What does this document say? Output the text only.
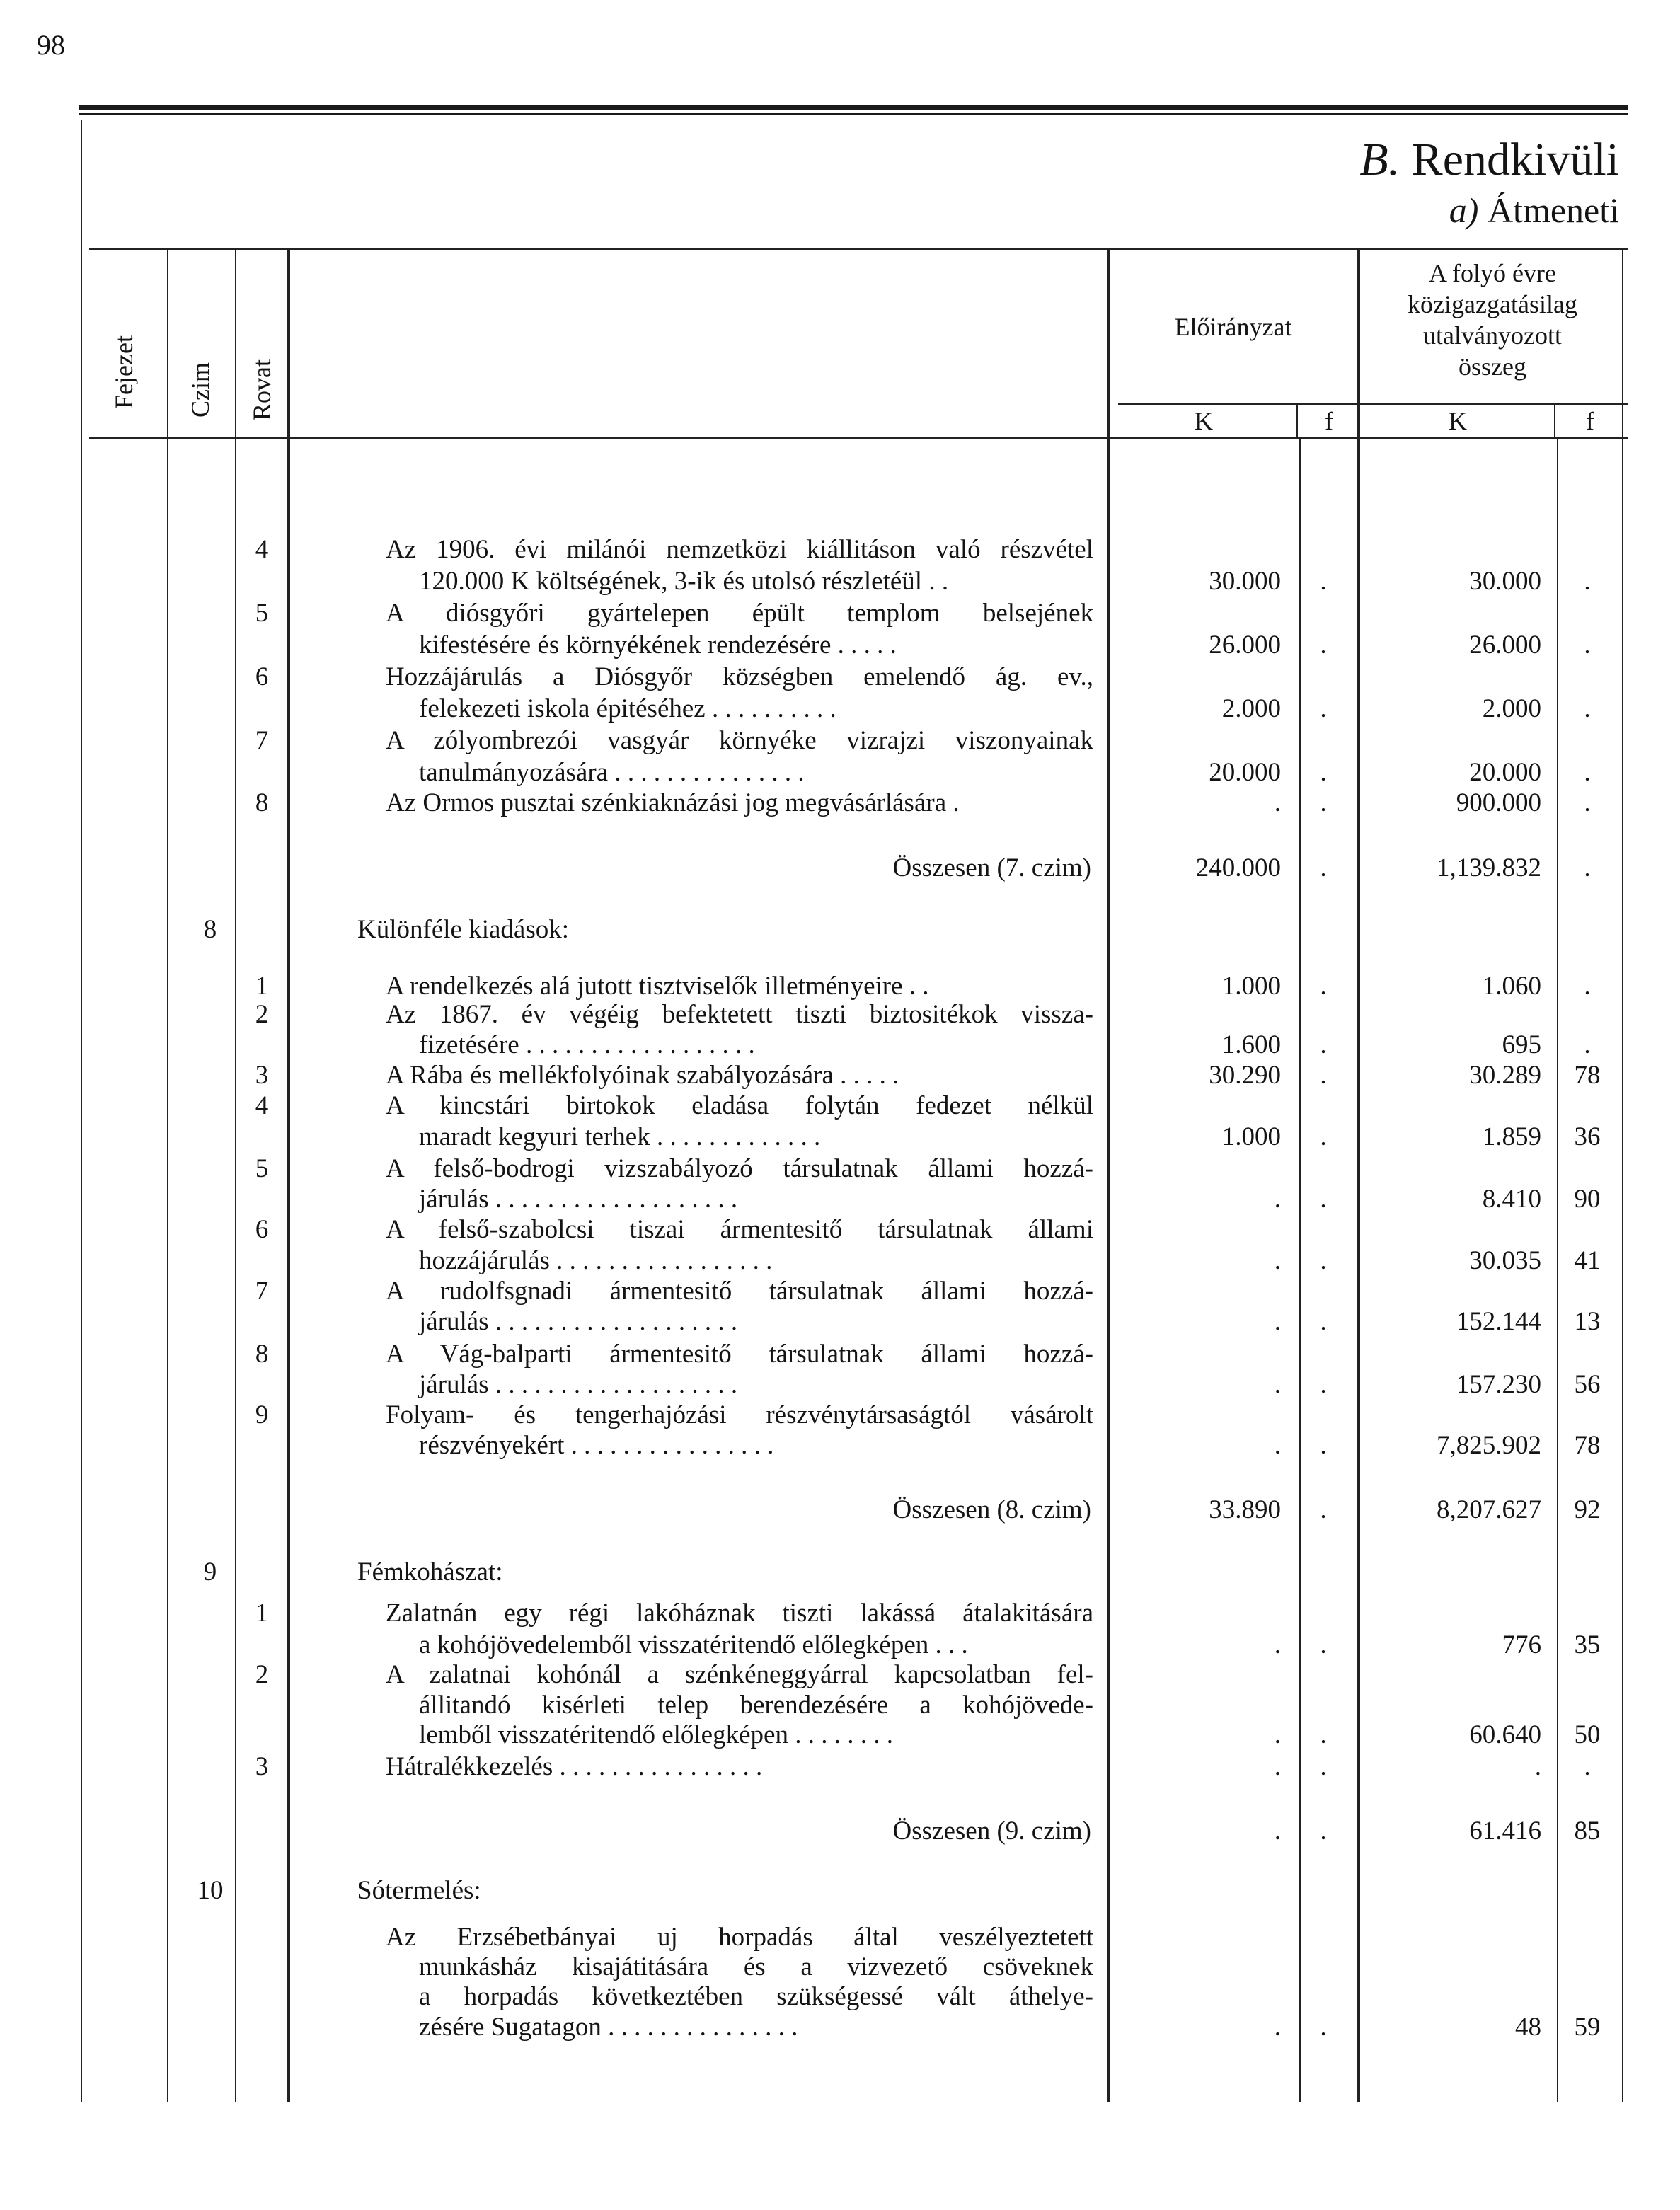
98
B. Rendkivüli
a) Átmeneti
Fejezet Czim Rovat
Előirányzat
A folyó évre
közigazgatásilag
utalványozott
összeg
K	f	K	f
4	Az 1906. évi milánói nemzetközi kiállitáson való részvétel
120.000 K költségének, 3-ik és utolsó részletéül . .	30.000	.	30.000	.
5	A diósgyőri gyártelepen épült templom belsejének
kifestésére és környékének rendezésére . . . . .	26.000	.	26.000	.
6	Hozzájárulás a Diósgyőr községben emelendő ág. ev.,
felekezeti iskola épitéséhez . . . . . . . . . .	2.000	.	2.000	.
7	A zólyombrezói vasgyár környéke vizrajzi viszonyainak
tanulmányozására . . . . . . . . . . . . . . .	20.000	.	20.000	.
8	Az Ormos pusztai szénkiaknázási jog megvásárlására .	.	.	900.000	.
Összesen (7. czim)	240.000	.	1,139.832	.
8	Különféle kiadások:
1	A rendelkezés alá jutott tisztviselők illetményeire . .	1.000	.	1.060	.
2	Az 1867. év végéig befektetett tiszti biztositékok vissza-
fizetésére . . . . . . . . . . . . . . . . . .	1.600	.	695	.
3	A Rába és mellékfolyóinak szabályozására . . . . .	30.290	.	30.289	78
4	A kincstári birtokok eladása folytán fedezet nélkül
maradt kegyuri terhek . . . . . . . . . . . . .	1.000	.	1.859	36
5	A felső-bodrogi vizszabályozó társulatnak állami hozzá-
járulás . . . . . . . . . . . . . . . . . . .	.	.	8.410	90
6	A felső-szabolcsi tiszai ármentesitő társulatnak állami
hozzájárulás . . . . . . . . . . . . . . . . .	.	.	30.035	41
7	A rudolfsgnadi ármentesitő társulatnak állami hozzá-
járulás . . . . . . . . . . . . . . . . . . .	.	.	152.144	13
8	A Vág-balparti ármentesitő társulatnak állami hozzá-
járulás . . . . . . . . . . . . . . . . . . .	.	.	157.230	56
9	Folyam- és tengerhajózási részvénytársaságtól vásárolt
részvényekért . . . . . . . . . . . . . . . .	.	.	7,825.902	78
Összesen (8. czim)	33.890	.	8,207.627	92
9	Fémkohászat:
1	Zalatnán egy régi lakóháznak tiszti lakássá átalakitására
a kohójövedelemből visszatéritendő előlegképen . . .	.	.	776	35
2	A zalatnai kohónál a szénkéneggyárral kapcsolatban fel-
állitandó kisérleti telep berendezésére a kohójövede-
lemből visszatéritendő előlegképen . . . . . . . .	.	.	60.640	50
3	Hátralékkezelés . . . . . . . . . . . . . . . .	.	.	.	.
Összesen (9. czim)	.	.	61.416	85
10	Sótermelés:
Az Erzsébetbányai uj horpadás által veszélyeztetett
munkásház kisajátitására és a vizvezető csöveknek
a horpadás következtében szükségessé vált áthelye-
zésére Sugatagon . . . . . . . . . . . . . . .	.	.	48	59
